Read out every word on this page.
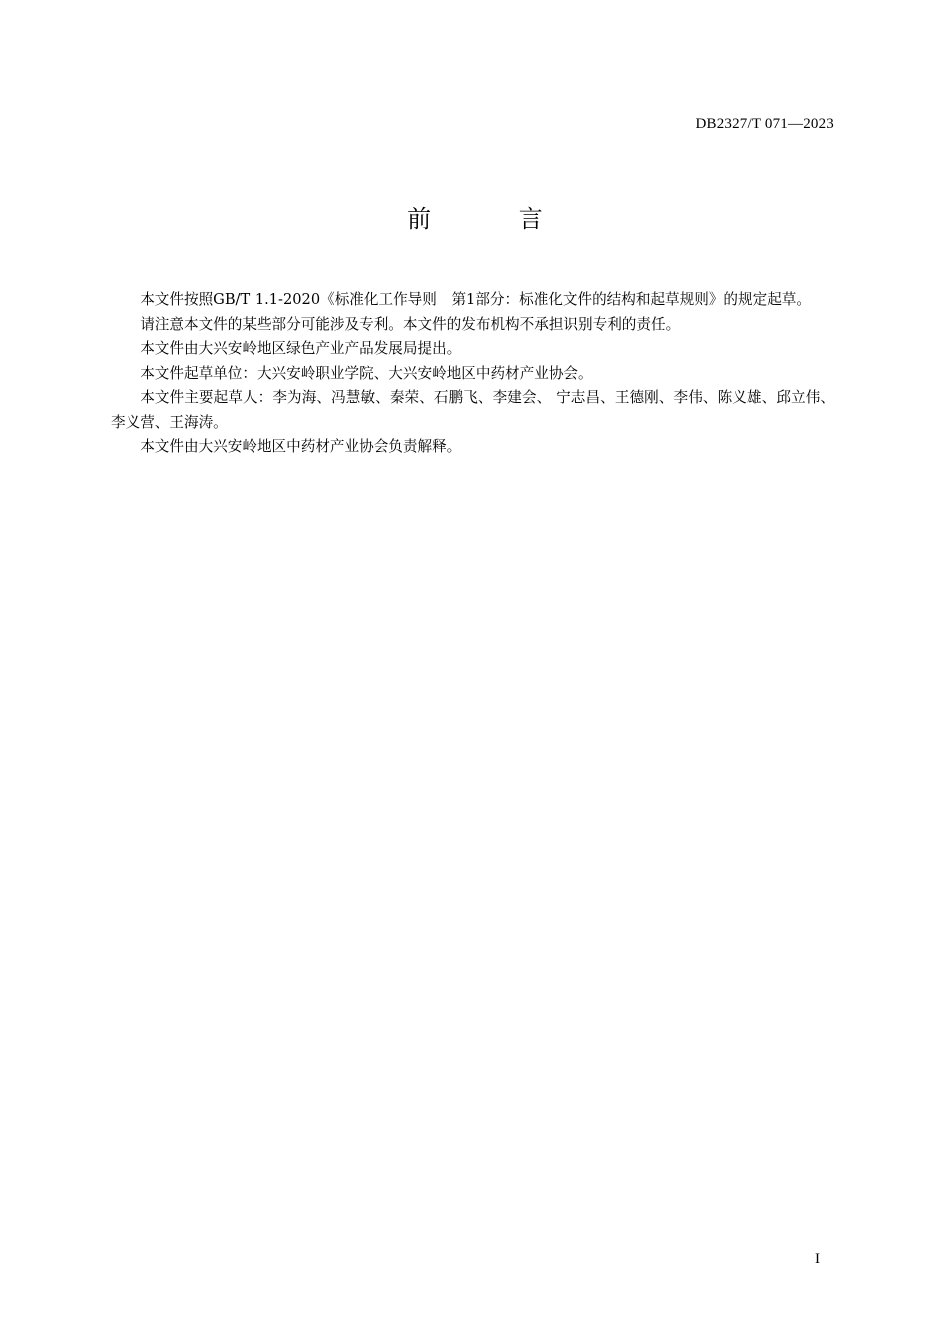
DB2327/T 071—2023
前 言

本文件按照GB/T 1.1-2020《标准化工作导则　第1部分：标准化文件的结构和起草规则》的规定起草。

请注意本文件的某些部分可能涉及专利。本文件的发布机构不承担识别专利的责任。

本文件由大兴安岭地区绿色产业产品发展局提出。

本文件起草单位：大兴安岭职业学院、大兴安岭地区中药材产业协会。

本文件主要起草人：李为海、冯慧敏、秦荣、石鹏飞、李建会、 宁志昌、王德刚、李伟、陈义雄、邱立伟、李义营、王海涛。

本文件由大兴安岭地区中药材产业协会负责解释。

I
